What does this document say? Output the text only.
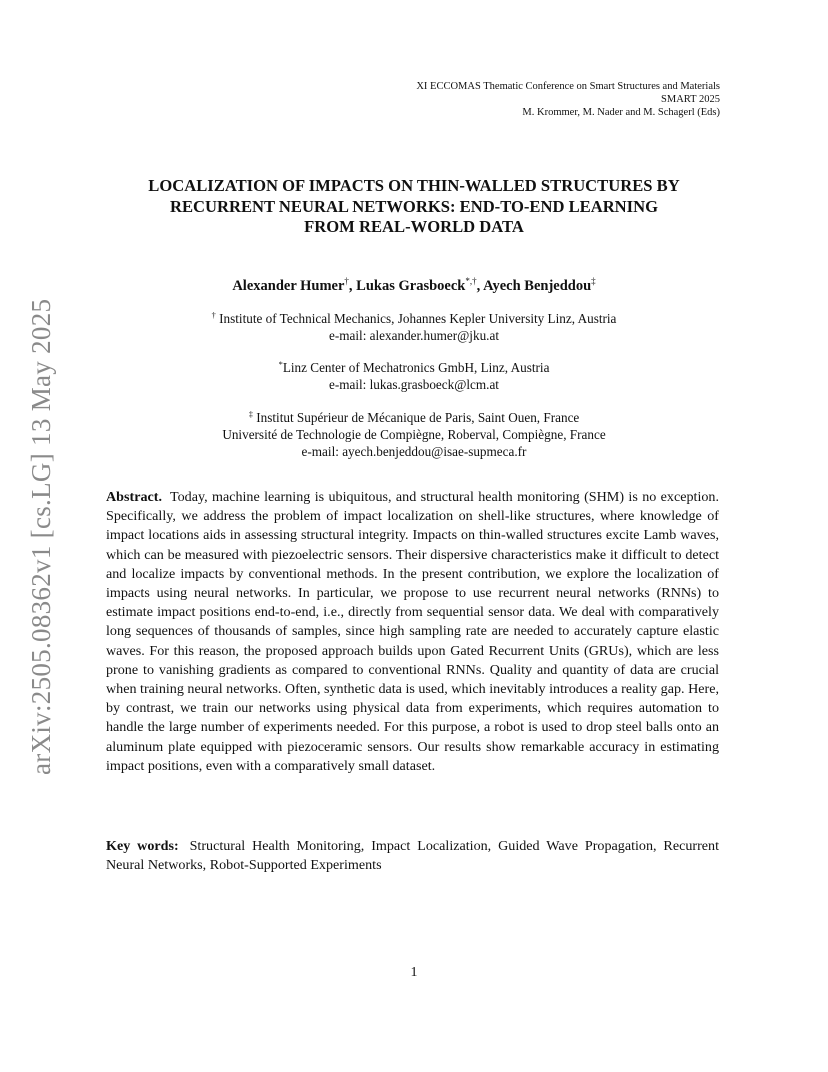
XI ECCOMAS Thematic Conference on Smart Structures and Materials
SMART 2025
M. Krommer, M. Nader and M. Schagerl (Eds)
arXiv:2505.08362v1 [cs.LG] 13 May 2025
LOCALIZATION OF IMPACTS ON THIN-WALLED STRUCTURES BY
RECURRENT NEURAL NETWORKS: END-TO-END LEARNING
FROM REAL-WORLD DATA
Alexander Humer†, Lukas Grasboeck*,†, Ayech Benjeddou‡
† Institute of Technical Mechanics, Johannes Kepler University Linz, Austria
e-mail: alexander.humer@jku.at
*Linz Center of Mechatronics GmbH, Linz, Austria
e-mail: lukas.grasboeck@lcm.at
‡ Institut Supérieur de Mécanique de Paris, Saint Ouen, France
Université de Technologie de Compiègne, Roberval, Compiègne, France
e-mail: ayech.benjeddou@isae-supmeca.fr
Abstract. Today, machine learning is ubiquitous, and structural health monitoring (SHM) is no exception. Specifically, we address the problem of impact localization on shell-like structures, where knowledge of impact locations aids in assessing structural integrity. Impacts on thin-walled structures excite Lamb waves, which can be measured with piezoelectric sensors. Their dispersive characteristics make it difficult to detect and localize impacts by conventional methods. In the present contribution, we explore the localization of impacts using neural networks. In particular, we propose to use recurrent neural networks (RNNs) to estimate impact positions end-to-end, i.e., directly from sequential sensor data. We deal with comparatively long sequences of thousands of samples, since high sampling rate are needed to accurately capture elastic waves. For this reason, the proposed approach builds upon Gated Recurrent Units (GRUs), which are less prone to vanishing gradients as compared to conventional RNNs. Quality and quantity of data are crucial when training neural networks. Often, synthetic data is used, which inevitably introduces a reality gap. Here, by contrast, we train our networks using physical data from experiments, which requires automation to handle the large number of experiments needed. For this purpose, a robot is used to drop steel balls onto an aluminum plate equipped with piezoceramic sensors. Our results show remarkable accuracy in estimating impact positions, even with a comparatively small dataset.
Key words: Structural Health Monitoring, Impact Localization, Guided Wave Propagation, Recurrent Neural Networks, Robot-Supported Experiments
1
